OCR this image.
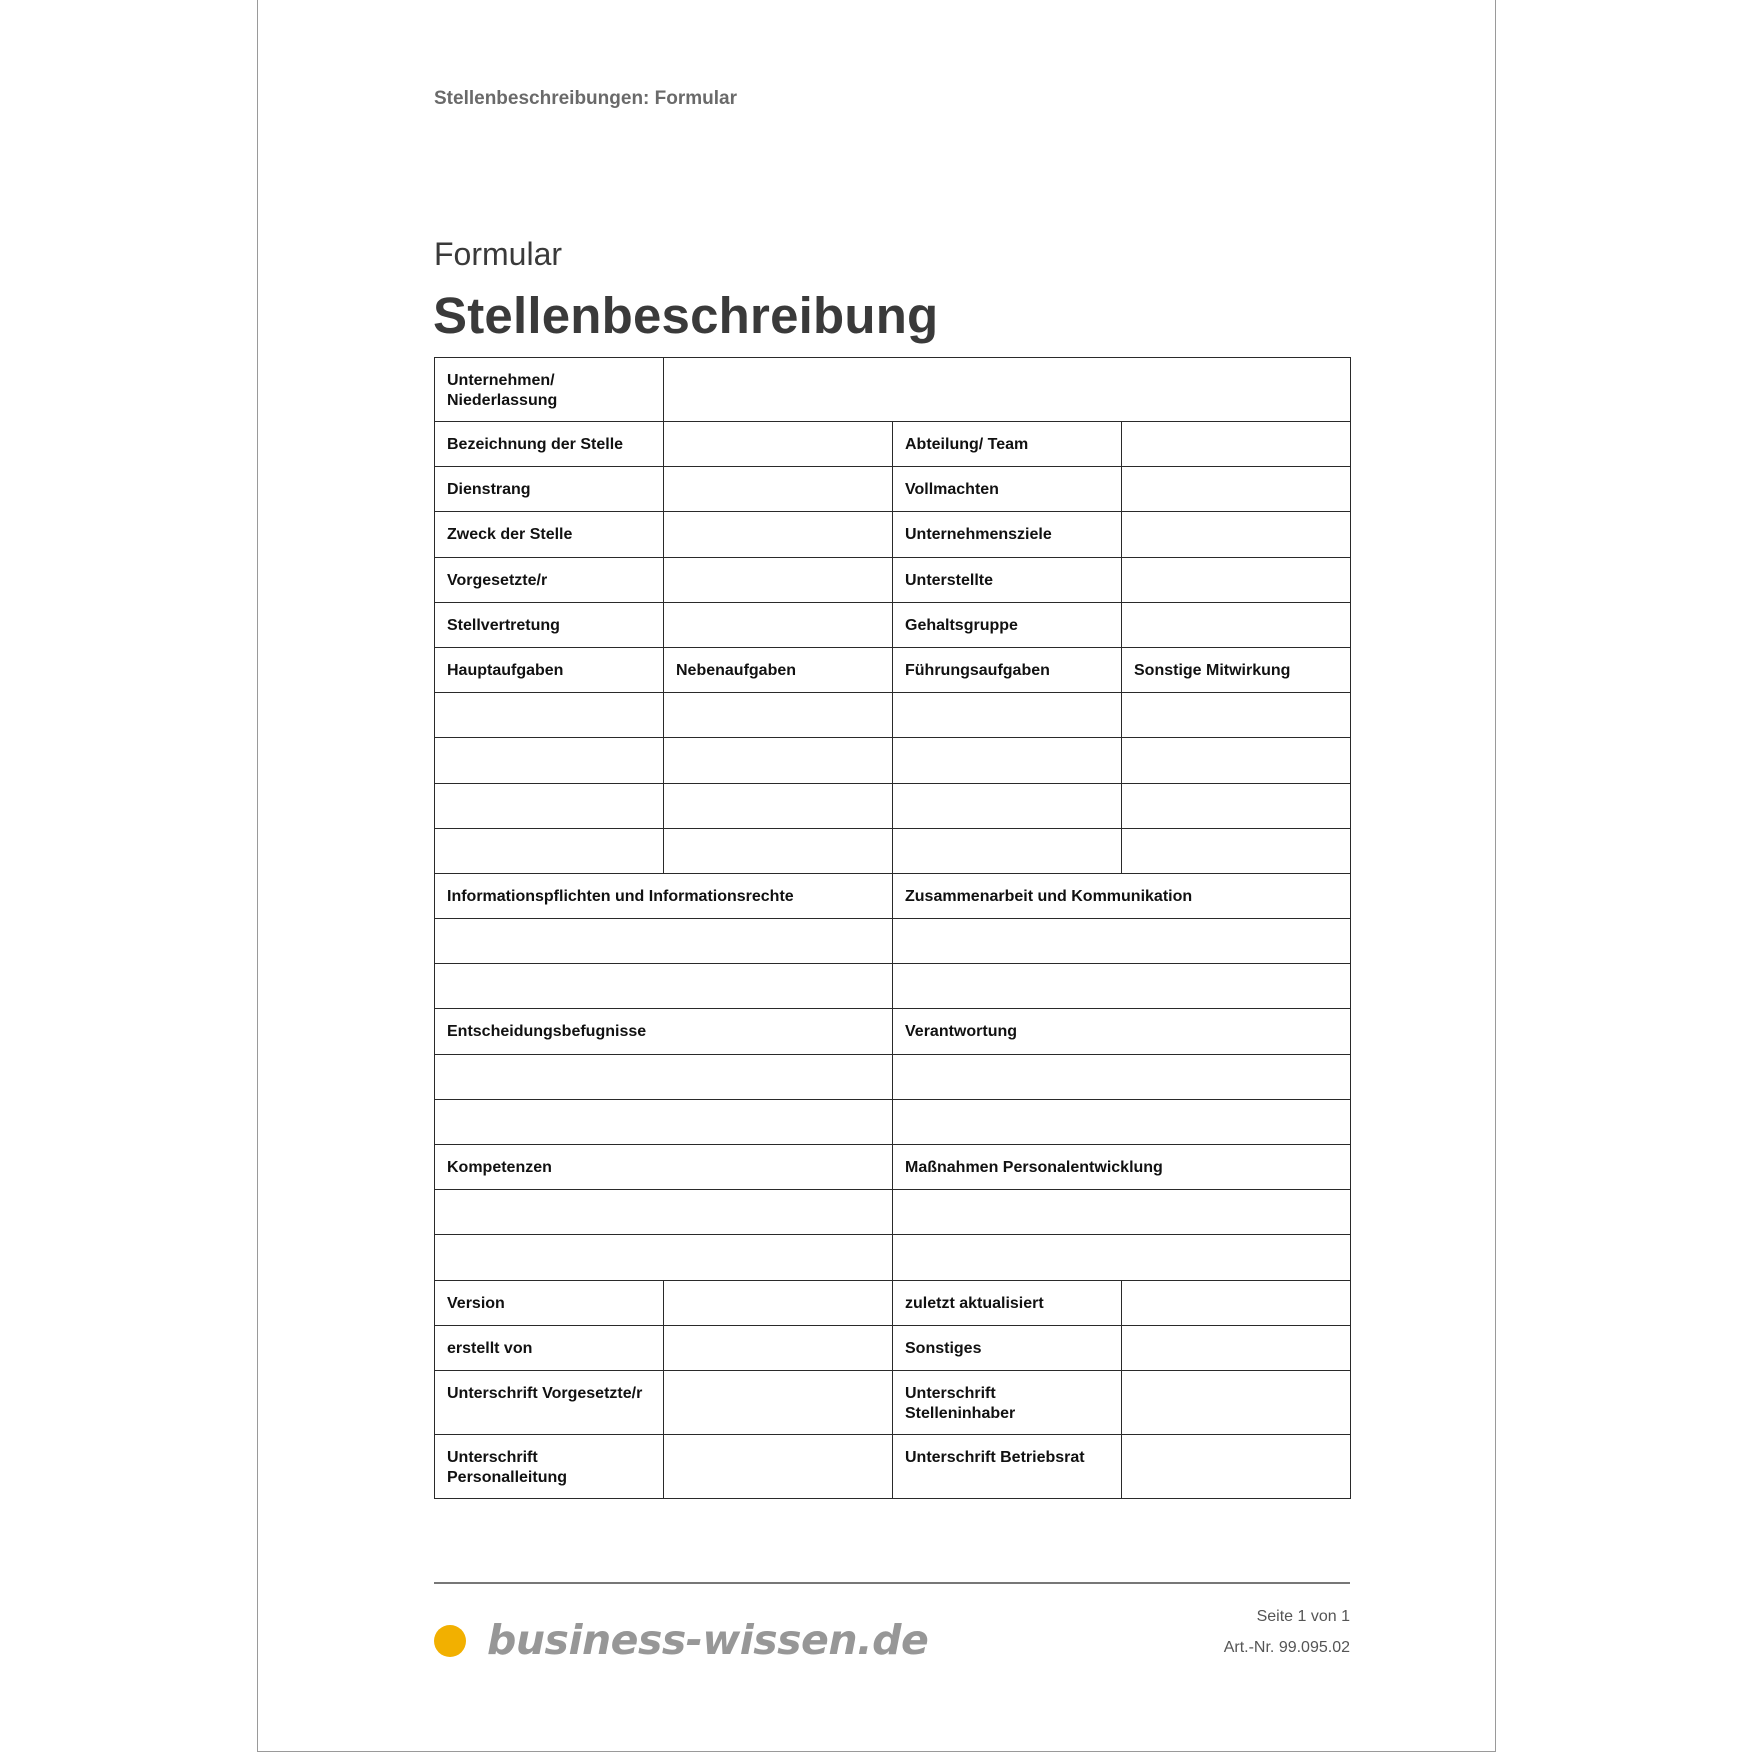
Stellenbeschreibungen: Formular
Formular
Stellenbeschreibung
Unternehmen/
Niederlassung			
Bezeichnung der Stelle		Abteilung/ Team	
Dienstrang		Vollmachten	
Zweck der Stelle		Unternehmensziele	
Vorgesetzte/r		Unterstellte	
Stellvertretung		Gehaltsgruppe	
Hauptaufgaben	Nebenaufgaben	Führungsaufgaben	Sonstige Mitwirkung

Informationspflichten und Informationsrechte		Zusammenarbeit und Kommunikation	

Entscheidungsbefugnisse		Verantwortung	

Kompetenzen		Maßnahmen Personalentwicklung	

Version		zuletzt aktualisiert	
erstellt von		Sonstiges	
Unterschrift Vorgesetzte/r		Unterschrift
Stelleninhaber	
Unterschrift
Personalleitung		Unterschrift Betriebsrat	
business-wissen.de	Seite 1 von 1
Art.-Nr. 99.095.02
